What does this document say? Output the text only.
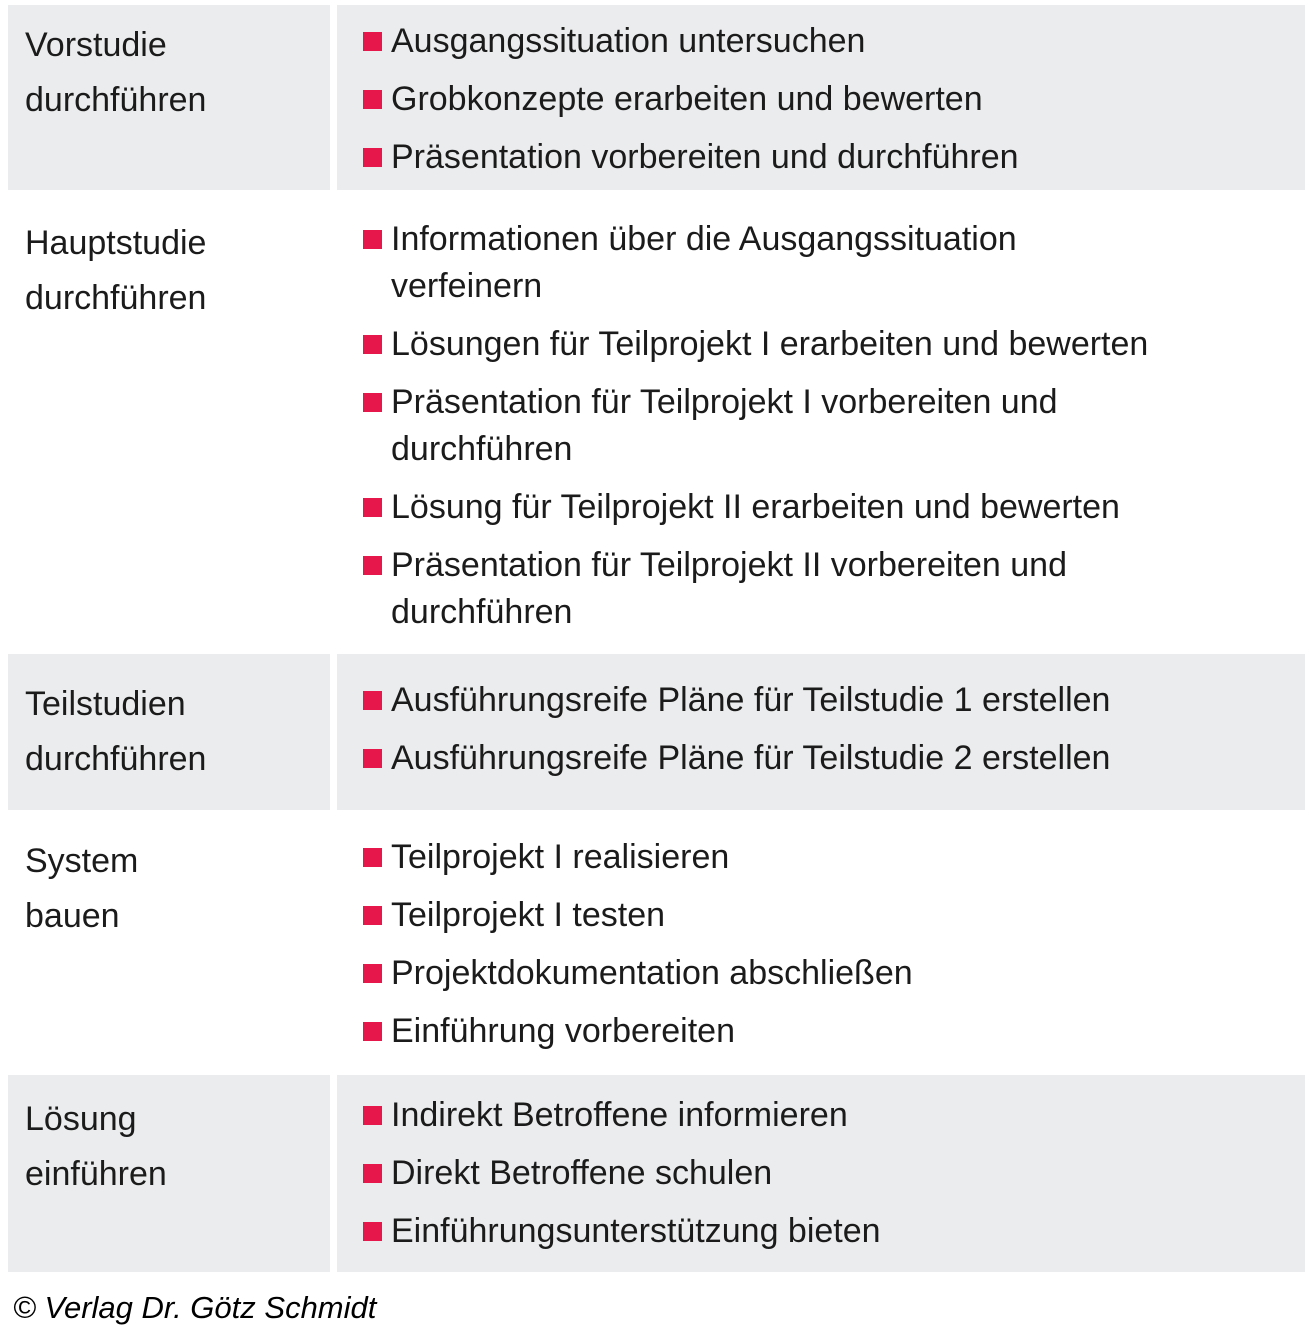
Vorstudie
durchführen
Ausgangssituation untersuchen
Grobkonzepte erarbeiten und bewerten
Präsentation vorbereiten und durchführen
Hauptstudie
durchführen
Informationen über die Ausgangssituation
verfeinern
Lösungen für Teilprojekt I erarbeiten und bewerten
Präsentation für Teilprojekt I vorbereiten und
durchführen
Lösung für Teilprojekt II erarbeiten und bewerten
Präsentation für Teilprojekt II vorbereiten und
durchführen
Teilstudien
durchführen
Ausführungsreife Pläne für Teilstudie 1 erstellen
Ausführungsreife Pläne für Teilstudie 2 erstellen
System
bauen
Teilprojekt I realisieren
Teilprojekt I testen
Projektdokumentation abschließen
Einführung vorbereiten
Lösung
einführen
Indirekt Betroffene informieren
Direkt Betroffene schulen
Einführungsunterstützung bieten
© Verlag Dr. Götz Schmidt
